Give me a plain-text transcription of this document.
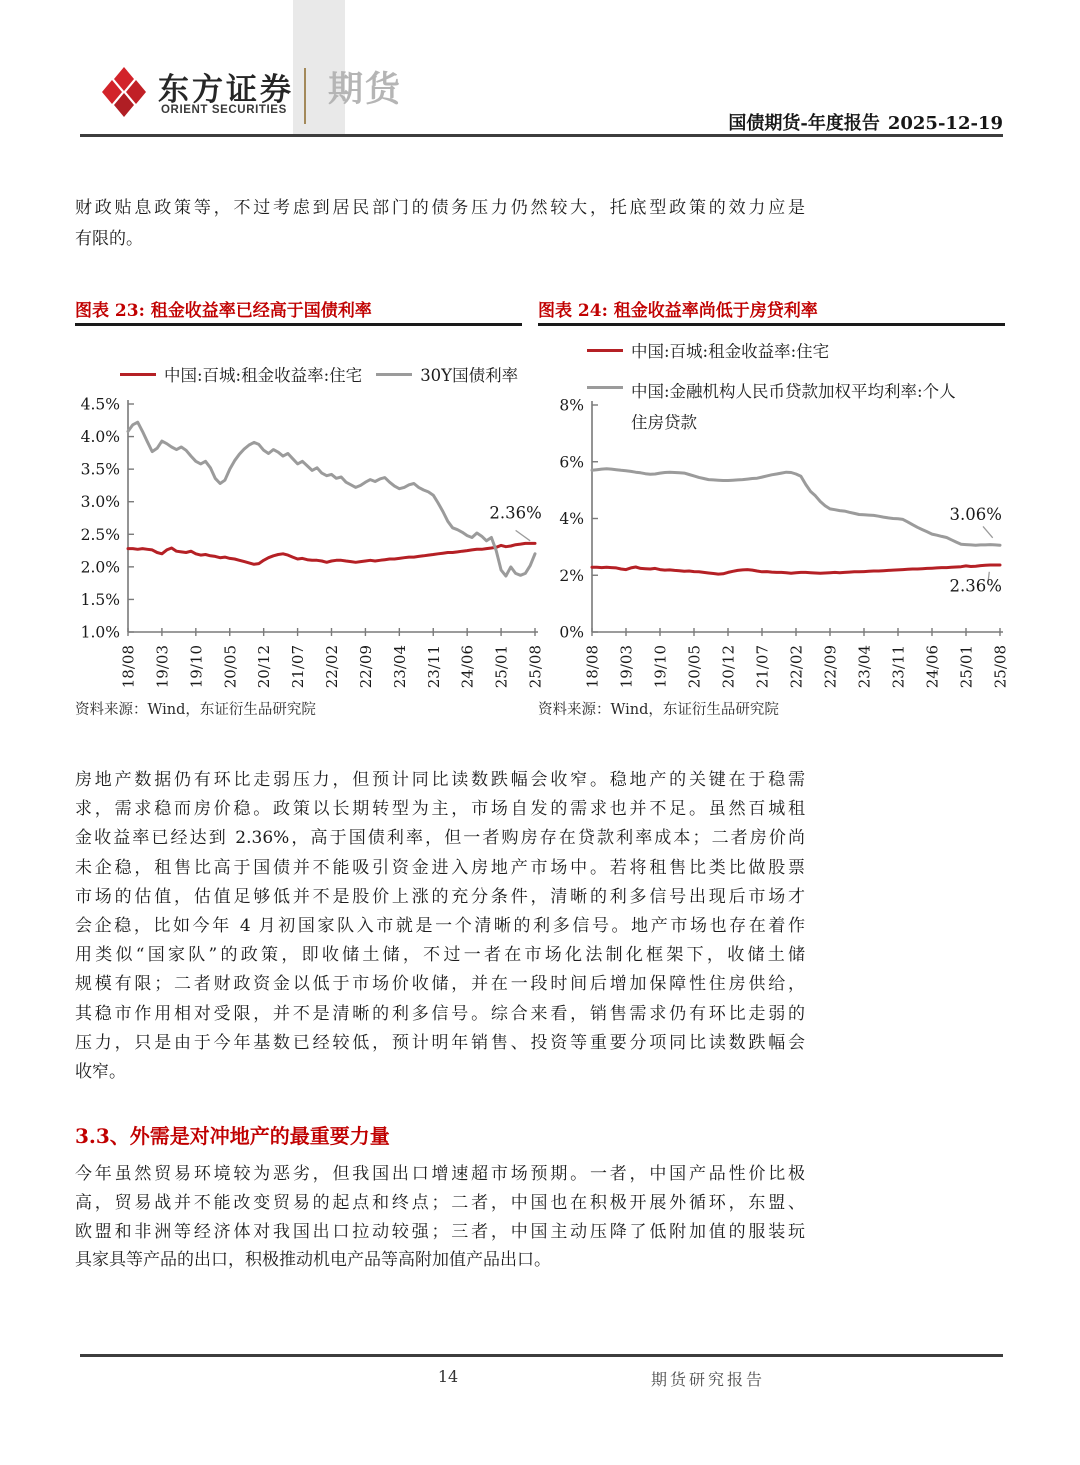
东方证券
ORIENT SECURITIES
期货
国债期货-年度报告 2025-12-19
财政贴息政策等，不过考虑到居民部门的债务压力仍然较大，托底型政策的效力应是
有限的。
图表 23: 租金收益率已经高于国债利率
中国:百城:租金收益率:住宅	30Y国债利率
4.5%
4.0%
3.5%
3.0%
2.5%
2.0%
1.5%
1.0%
18/08 19/03 19/10 20/05 20/12 21/07 22/02 22/09 23/04 23/11 24/06 25/01 25/08
2.36%
资料来源：Wind，东证衍生品研究院
图表 24: 租金收益率尚低于房贷利率
中国:百城:租金收益率:住宅
中国:金融机构人民币贷款加权平均利率:个人
住房贷款
8%
6%
4%
2%
0%
18/08 19/03 19/10 20/05 20/12 21/07 22/02 22/09 23/04 23/11 24/06 25/01 25/08
3.06%
2.36%
资料来源：Wind，东证衍生品研究院
房地产数据仍有环比走弱压力，但预计同比读数跌幅会收窄。稳地产的关键在于稳需
求，需求稳而房价稳。政策以长期转型为主，市场自发的需求也并不足。虽然百城租
金收益率已经达到 2.36%，高于国债利率，但一者购房存在贷款利率成本；二者房价尚
未企稳，租售比高于国债并不能吸引资金进入房地产市场中。若将租售比类比做股票
市场的估值，估值足够低并不是股价上涨的充分条件，清晰的利多信号出现后市场才
会企稳，比如今年 4 月初国家队入市就是一个清晰的利多信号。地产市场也存在着作
用类似“国家队”的政策，即收储土储，不过一者在市场化法制化框架下，收储土储
规模有限；二者财政资金以低于市场价收储，并在一段时间后增加保障性住房供给，
其稳市作用相对受限，并不是清晰的利多信号。综合来看，销售需求仍有环比走弱的
压力，只是由于今年基数已经较低，预计明年销售、投资等重要分项同比读数跌幅会
收窄。
3.3、外需是对冲地产的最重要力量
今年虽然贸易环境较为恶劣，但我国出口增速超市场预期。一者，中国产品性价比极
高，贸易战并不能改变贸易的起点和终点；二者，中国也在积极开展外循环，东盟、
欧盟和非洲等经济体对我国出口拉动较强；三者，中国主动压降了低附加值的服装玩
具家具等产品的出口，积极推动机电产品等高附加值产品出口。
14	期货研究报告
